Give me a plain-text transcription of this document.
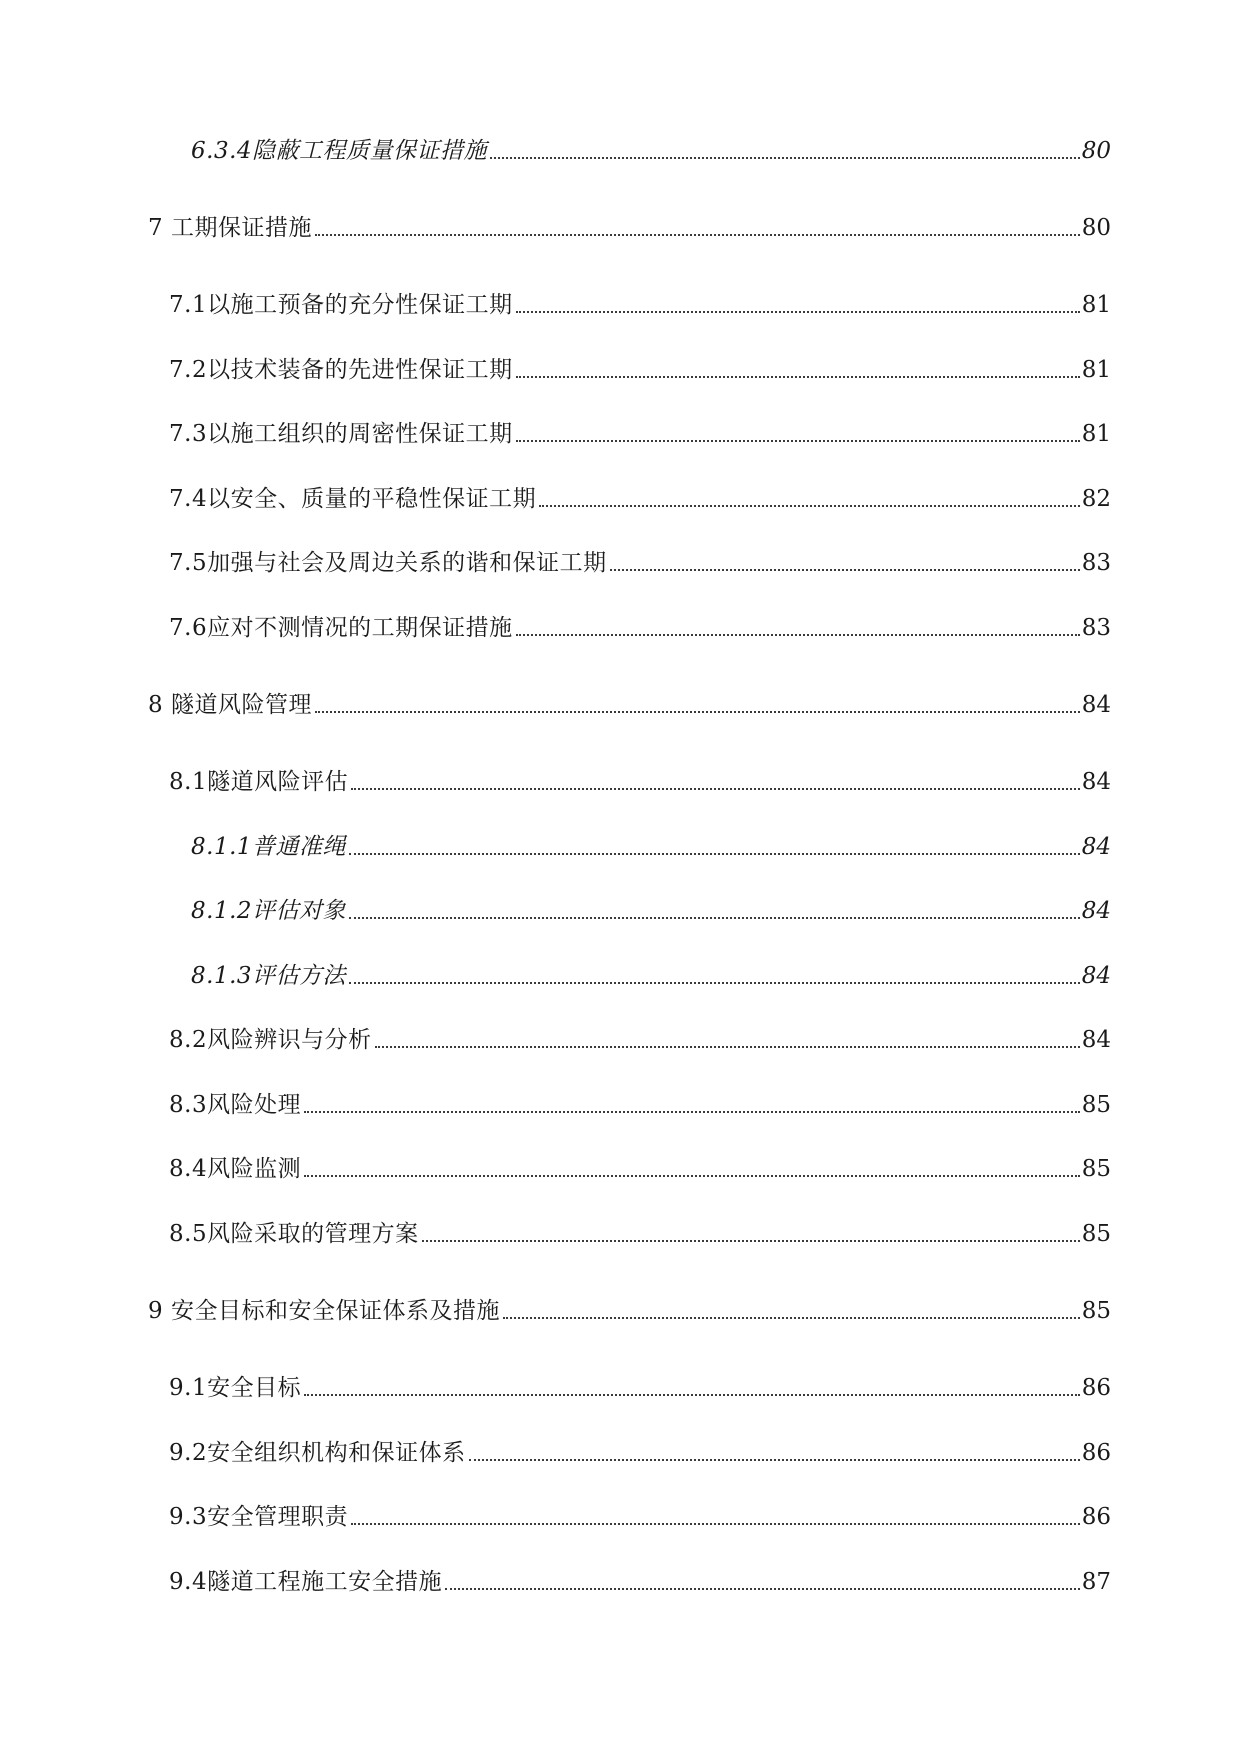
6.3.4隐蔽工程质量保证措施	80
7 工期保证措施	80
7.1以施工预备的充分性保证工期	81
7.2以技术装备的先进性保证工期	81
7.3以施工组织的周密性保证工期	81
7.4以安全、质量的平稳性保证工期	82
7.5加强与社会及周边关系的谐和保证工期	83
7.6应对不测情况的工期保证措施	83
8 隧道风险管理	84
8.1隧道风险评估	84
8.1.1普通准绳	84
8.1.2评估对象	84
8.1.3评估方法	84
8.2风险辨识与分析	84
8.3风险处理	85
8.4风险监测	85
8.5风险采取的管理方案	85
9 安全目标和安全保证体系及措施	85
9.1安全目标	86
9.2安全组织机构和保证体系	86
9.3安全管理职责	86
9.4隧道工程施工安全措施	87
